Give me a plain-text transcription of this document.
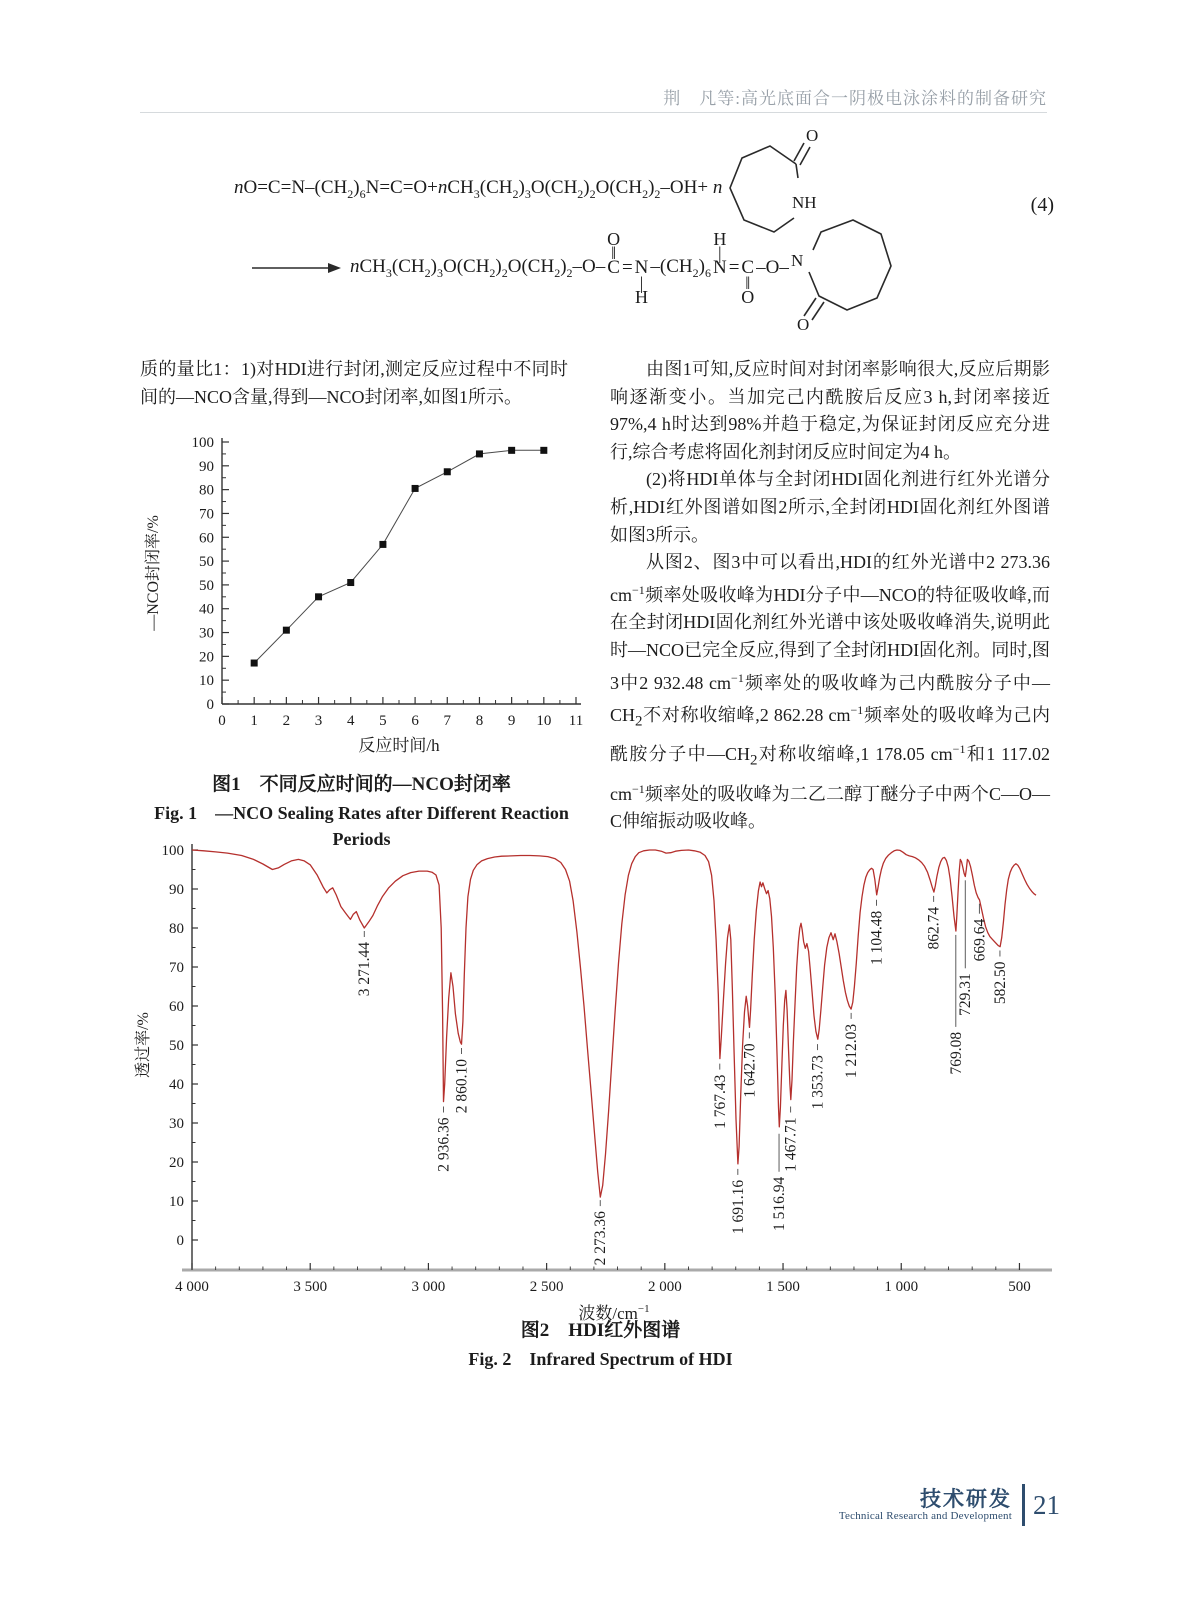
荆　凡等:高光底面合一阴极电泳涂料的制备研究
$nO=C=N-(CH_2)_6N=C=O+nCH_3(CH_2)_3O(CH_2)_2O(CH_2)_2-OH+ n$
O
NH	(4)
$nCH_3(CH_2)_3O(CH_2)_2O(CH_2)_2-O-$
O
‖
C = N
|
H
$-(CH_2)_6$
H
|
N = C
‖
O
–O– N
O

质的量比1：1)对HDI进行封闭,测定反应过程中不同时间的—NCO含量,得到—NCO封闭率,如图1所示。

0
10
20
30
40
50
50
60
70
80
90
100
0 1 2 3 4 5 6 7 8 9 10 11
—NCO封闭率/%
反应时间/h
图1　不同反应时间的—NCO封闭率
Fig. 1　—NCO Sealing Rates after Different Reaction Periods

由图1可知,反应时间对封闭率影响很大,反应后期影响逐渐变小。当加完己内酰胺后反应3 h,封闭率接近97%,4 h时达到98%并趋于稳定,为保证封闭反应充分进行,综合考虑将固化剂封闭反应时间定为4 h。

(2)将HDI单体与全封闭HDI固化剂进行红外光谱分析,HDI红外图谱如图2所示,全封闭HDI固化剂红外图谱如图3所示。

从图2、图3中可以看出,HDI的红外光谱中2 273.36 $cm^{-1}$频率处吸收峰为HDI分子中—NCO的特征吸收峰,而在全封闭HDI固化剂红外光谱中该处吸收峰消失,说明此时—NCO已完全反应,得到了全封闭HDI固化剂。同时,图3中2 932.48 $cm^{-1}$频率处的吸收峰为己内酰胺分子中$—CH_2$不对称收缩峰,2 862.28 $cm^{-1}$频率处的吸收峰为己内酰胺分子中$—CH_2$对称收缩峰,1 178.05 $cm^{-1}$和1 117.02 $cm^{-1}$频率处的吸收峰为二乙二醇丁醚分子中两个C—O—C伸缩振动吸收峰。

0
10
20
30
40
50
60
70
80
90
100
4 000	3 500	3 000	2 500	2 000	1 500	1 000	500
3 271.44
2 936.36
2 860.10
2 273.36
1 767.43
1 691.16
1 642.70
1 516.94
1 467.71
1 353.73
1 212.03
1 104.48	862.74
769.08
729.31
669.64
582.50
波数$/cm^{-1}$
透过率/%
图2　HDI红外图谱
Fig. 2　Infrared Spectrum of HDI
技术研发
Technical Research and Development 21
